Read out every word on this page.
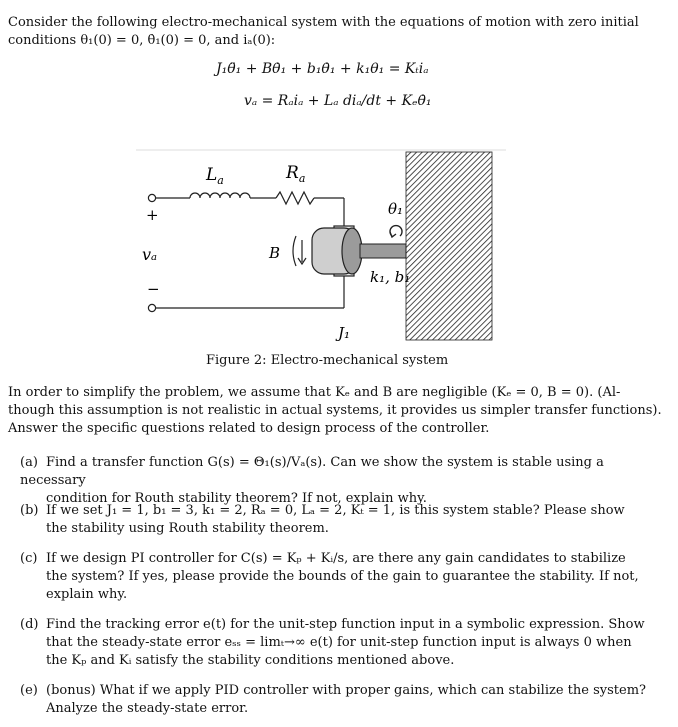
Consider the following electro-mechanical system with the equations of motion with zero initial
conditions θ₁(0) = 0, θ̇₁(0) = 0, and iₐ(0):
J₁θ̈₁ + Bθ̇₁ + b₁θ̇₁ + k₁θ₁ = Kₜiₐ
vₐ = Rₐiₐ + Lₐ diₐ/dt + Kₑθ̇₁
$L_a$	$R_a$
θ₁
+
vₐ
−
B
k₁, b₁
J₁
Figure 2: Electro-mechanical system
In order to simplify the problem, we assume that Kₑ and B are negligible (Kₑ = 0, B = 0). (Al-
though this assumption is not realistic in actual systems, it provides us simpler transfer functions).
Answer the specific questions related to design process of the controller.
(a) Find a transfer function G(s) = Θ₁(s)/Vₐ(s). Can we show the system is stable using a necessary
condition for Routh stability theorem? If not, explain why.
(b) If we set J₁ = 1, b₁ = 3, k₁ = 2, Rₐ = 0, Lₐ = 2, Kₜ = 1, is this system stable? Please show
the stability using Routh stability theorem.
(c) If we design PI controller for C(s) = Kₚ + Kᵢ/s, are there any gain candidates to stabilize
the system? If yes, please provide the bounds of the gain to guarantee the stability. If not,
explain why.
(d) Find the tracking error e(t) for the unit-step function input in a symbolic expression. Show
that the steady-state error eₛₛ = limₜ→∞ e(t) for unit-step function input is always 0 when
the Kₚ and Kᵢ satisfy the stability conditions mentioned above.
(e) (bonus) What if we apply PID controller with proper gains, which can stabilize the system?
Analyze the steady-state error.
